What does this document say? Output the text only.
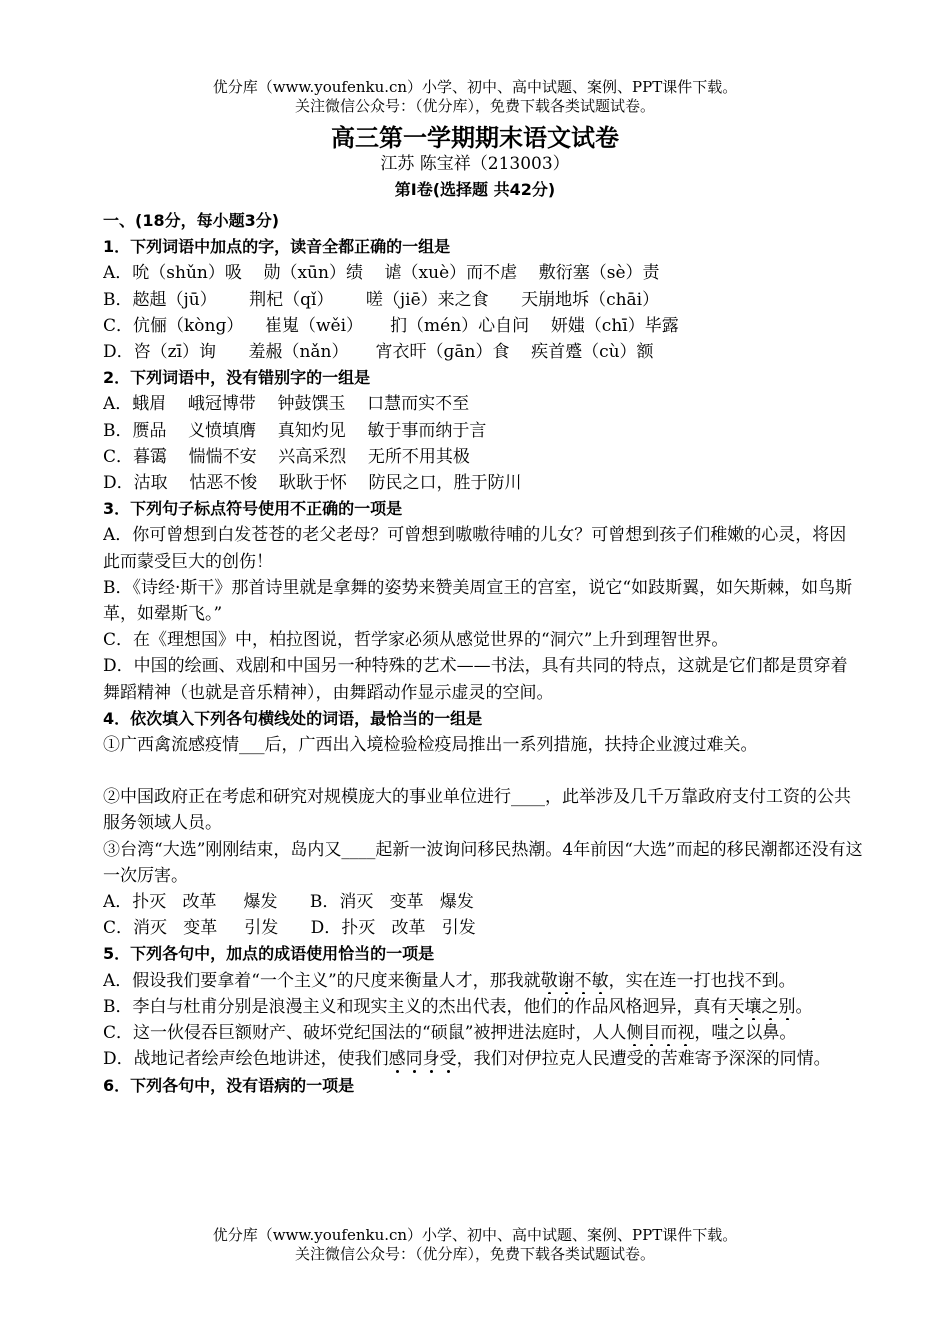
优分库（www.youfenku.cn）小学、初中、高中试题、案例、PPT课件下载。
关注微信公众号：（优分库），免费下载各类试题试卷。
高三第一学期期末语文试卷
江苏 陈宝祥（213003）
第Ⅰ卷(选择题 共42分)
一、(18分，每小题3分)
1．下列词语中加点的字，读音全都正确的一组是
A．吮（shǔn）吸    勋（xūn）绩    谑（xuè）而不虐    敷衍塞（sè）责
B．趑趄（jū）      荆杞（qǐ）      嗟（jiē）来之食      天崩地坼（chāi）
C．伉俪（kònɡ）    崔嵬（wěi）     扪（mén）心自问    妍媸（chī）毕露
D．咨（zī）询      羞赧（nǎn）     宵衣旰（ɡān）食    疾首蹙（cù）额
2．下列词语中，没有错别字的一组是
A．蛾眉    峨冠博带    钟鼓馔玉    口慧而实不至
B．赝品    义愤填膺    真知灼见    敏于事而纳于言
C．暮霭    惴惴不安    兴高采烈    无所不用其极
D．沽取    怙恶不悛    耿耿于怀    防民之口，胜于防川
3．下列句子标点符号使用不正确的一项是
A．你可曾想到白发苍苍的老父老母？可曾想到嗷嗷待哺的儿女？可曾想到孩子们稚嫩的心灵，将因此而蒙受巨大的创伤！
B．《诗经·斯干》那首诗里就是拿舞的姿势来赞美周宣王的宫室，说它“如跂斯翼，如矢斯棘，如鸟斯革，如翚斯飞。”
C．在《理想国》中，柏拉图说，哲学家必须从感觉世界的“洞穴”上升到理智世界。
D．中国的绘画、戏剧和中国另一种特殊的艺术——书法，具有共同的特点，这就是它们都是贯穿着舞蹈精神（也就是音乐精神），由舞蹈动作显示虚灵的空间。
4．依次填入下列各句横线处的词语，最恰当的一组是
①广西禽流感疫情___后，广西出入境检验检疫局推出一系列措施，扶持企业渡过难关。
②中国政府正在考虑和研究对规模庞大的事业单位进行____，此举涉及几千万靠政府支付工资的公共服务领域人员。
③台湾“大选”刚刚结束，岛内又____起新一波询问移民热潮。4年前因“大选”而起的移民潮都还没有这一次厉害。
A．扑灭   改革     爆发      B．消灭   变革   爆发
C．消灭   变革     引发      D．扑灭   改革   引发
5．下列各句中，加点的成语使用恰当的一项是
A．假设我们要拿着“一个主义”的尺度来衡量人才，那我就敬谢不敏，实在连一打也找不到。
B．李白与杜甫分别是浪漫主义和现实主义的杰出代表，他们的作品风格迥异，真有天壤之别。
C．这一伙侵吞巨额财产、破坏党纪国法的“硕鼠”被押进法庭时，人人侧目而视，嗤之以鼻。
D．战地记者绘声绘色地讲述，使我们感同身受，我们对伊拉克人民遭受的苦难寄予深深的同情。
6．下列各句中，没有语病的一项是
优分库（www.youfenku.cn）小学、初中、高中试题、案例、PPT课件下载。
关注微信公众号：（优分库），免费下载各类试题试卷。
